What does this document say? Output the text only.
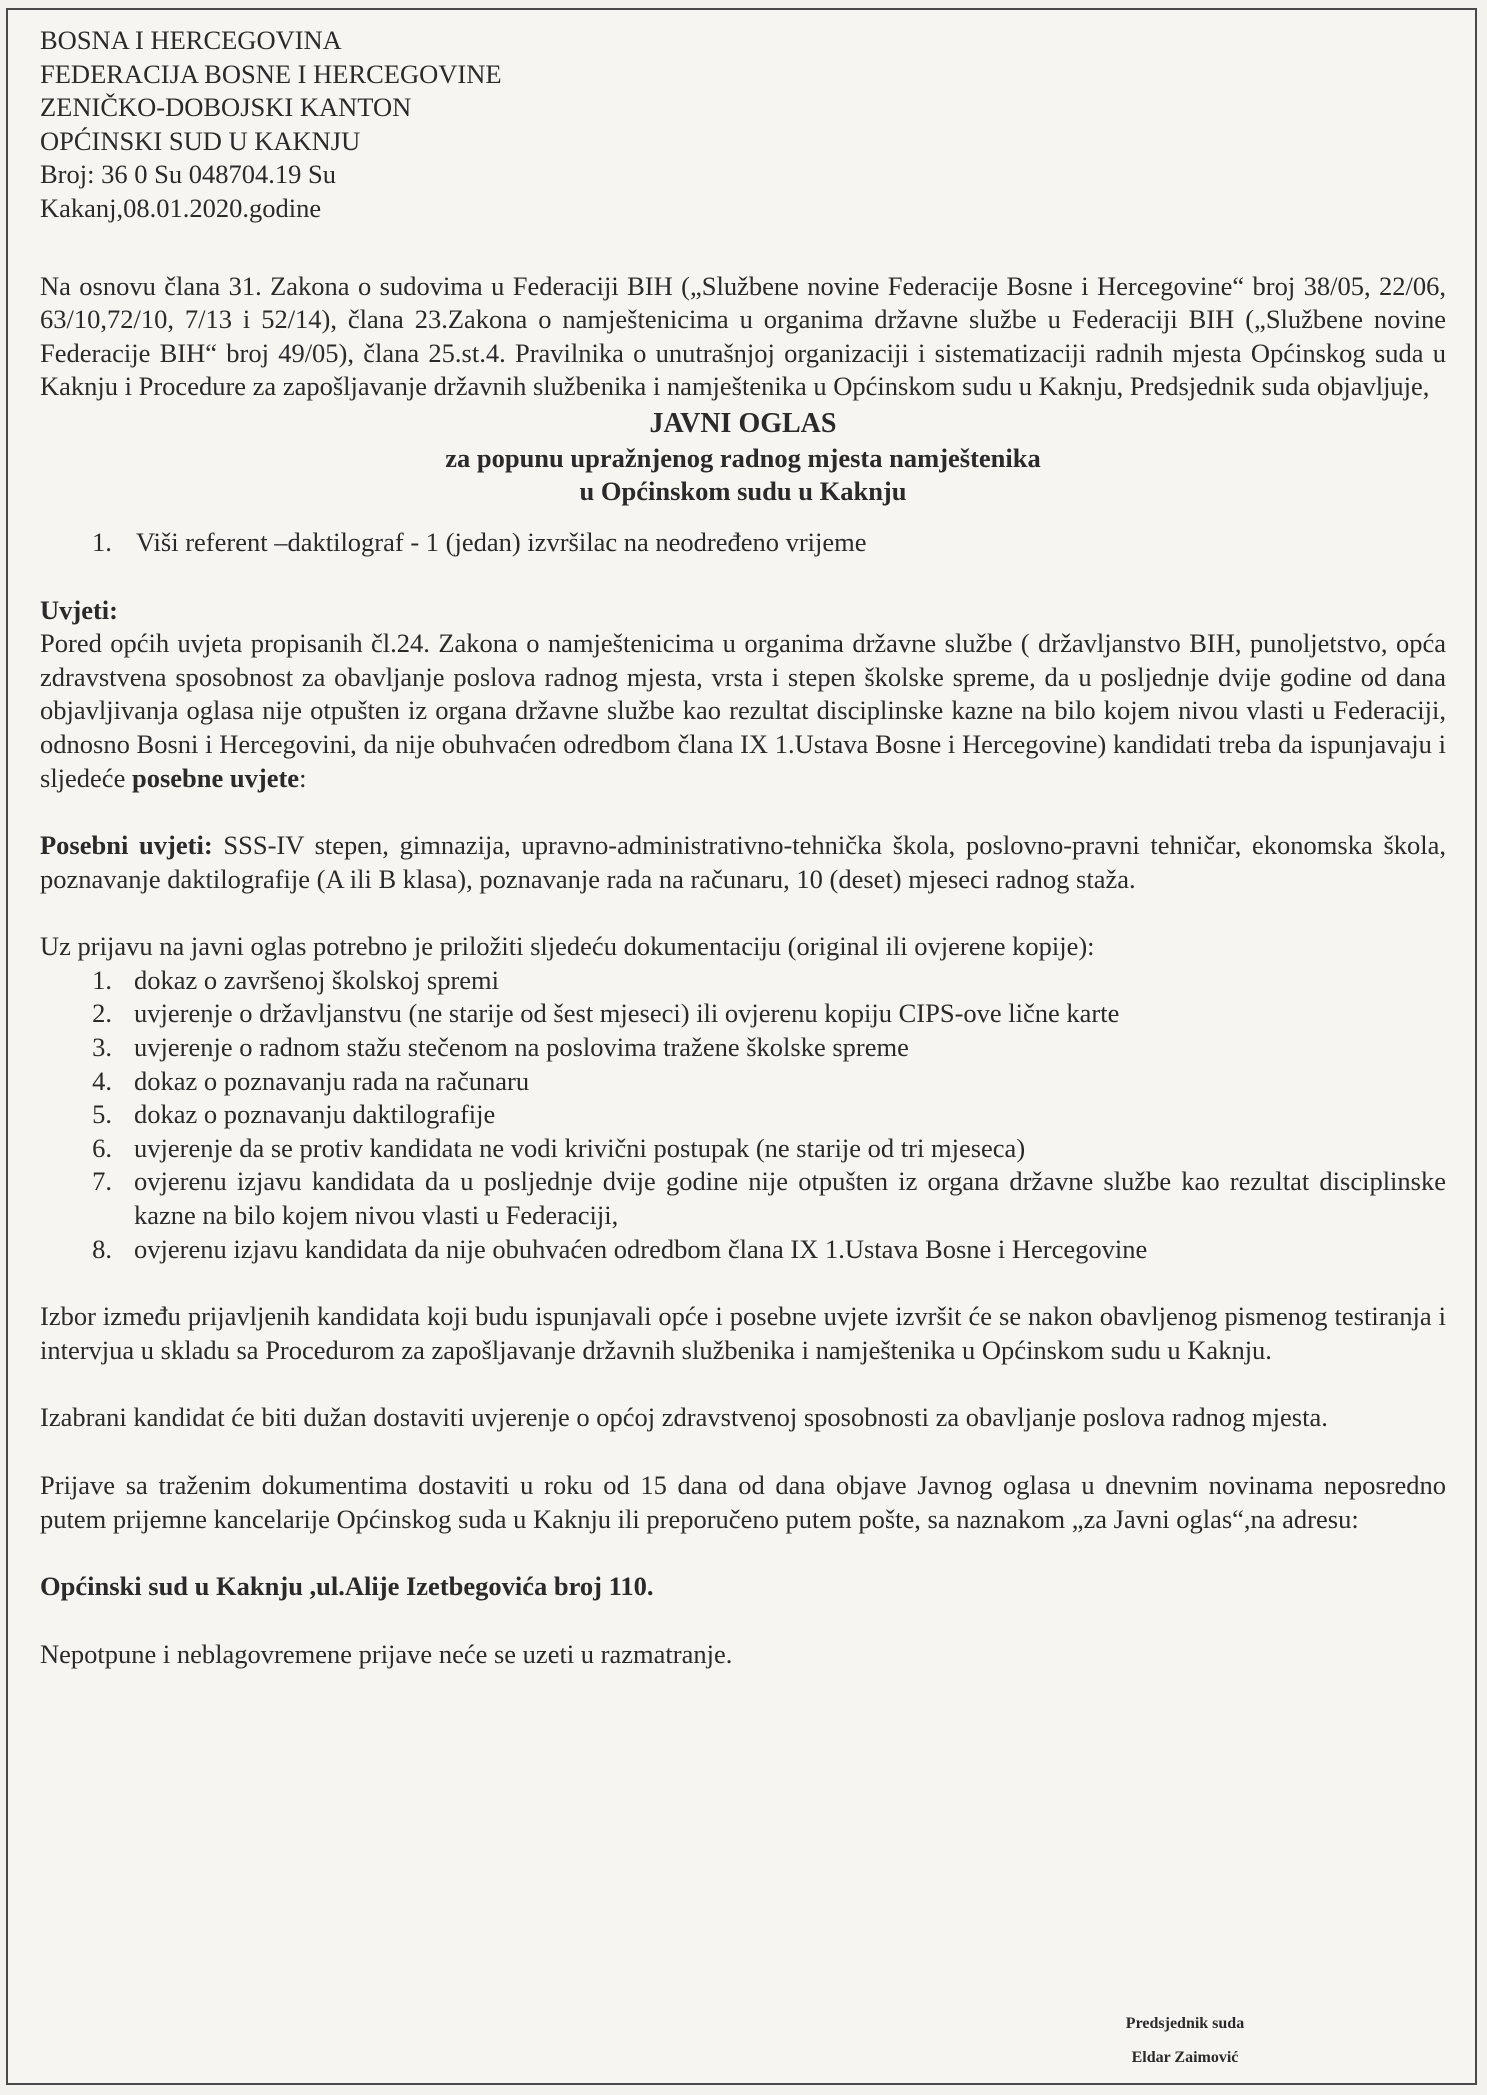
BOSNA I HERCEGOVINA
FEDERACIJA BOSNE I HERCEGOVINE
ZENIČKO-DOBOJSKI KANTON
OPĆINSKI SUD U KAKNJU
Broj: 36 0 Su 048704.19 Su
Kakanj,08.01.2020.godine

Na osnovu člana 31. Zakona o sudovima u Federaciji BIH („Službene novine Federacije Bosne i Hercegovine“ broj 38/05, 22/06, 63/10,72/10, 7/13 i 52/14), člana 23.Zakona o namještenicima u organima državne službe u Federaciji BIH („Službene novine Federacije BIH“ broj 49/05), člana 25.st.4. Pravilnika o unutrašnjoj organizaciji i sistematizaciji radnih mjesta Općinskog suda u Kaknju i Procedure za zapošljavanje državnih službenika i namještenika u Općinskom sudu u Kaknju, Predsjednik suda objavljuje,

JAVNI OGLAS
za popunu upražnjenog radnog mjesta namještenika
u Općinskom sudu u Kaknju
1. Viši referent –daktilograf - 1 (jedan) izvršilac na neodređeno vrijeme
Uvjeti:

Pored općih uvjeta propisanih čl.24. Zakona o namještenicima u organima državne službe ( državljanstvo BIH, punoljetstvo, opća zdravstvena sposobnost za obavljanje poslova radnog mjesta, vrsta i stepen školske spreme, da u posljednje dvije godine od dana objavljivanja oglasa nije otpušten iz organa državne službe kao rezultat disciplinske kazne na bilo kojem nivou vlasti u Federaciji, odnosno Bosni i Hercegovini, da nije obuhvaćen odredbom člana IX 1.Ustava Bosne i Hercegovine) kandidati treba da ispunjavaju i sljedeće posebne uvjete:

Posebni uvjeti: SSS-IV stepen, gimnazija, upravno-administrativno-tehnička škola, poslovno-pravni tehničar, ekonomska škola, poznavanje daktilografije (A ili B klasa), poznavanje rada na računaru, 10 (deset) mjeseci radnog staža.

Uz prijavu na javni oglas potrebno je priložiti sljedeću dokumentaciju (original ili ovjerene kopije):

1. dokaz o završenoj školskoj spremi
2. uvjerenje o državljanstvu (ne starije od šest mjeseci) ili ovjerenu kopiju CIPS-ove lične karte
3. uvjerenje o radnom stažu stečenom na poslovima tražene školske spreme
4. dokaz o poznavanju rada na računaru
5. dokaz o poznavanju daktilografije
6. uvjerenje da se protiv kandidata ne vodi krivični postupak (ne starije od tri mjeseca)
7. ovjerenu izjavu kandidata da u posljednje dvije godine nije otpušten iz organa državne službe kao rezultat disciplinske kazne na bilo kojem nivou vlasti u Federaciji,
8. ovjerenu izjavu kandidata da nije obuhvaćen odredbom člana IX 1.Ustava Bosne i Hercegovine

Izbor između prijavljenih kandidata koji budu ispunjavali opće i posebne uvjete izvršit će se nakon obavljenog pismenog testiranja i intervjua u skladu sa Procedurom za zapošljavanje državnih službenika i namještenika u Općinskom sudu u Kaknju.

Izabrani kandidat će biti dužan dostaviti uvjerenje o općoj zdravstvenoj sposobnosti za obavljanje poslova radnog mjesta.

Prijave sa traženim dokumentima dostaviti u roku od 15 dana od dana objave Javnog oglasa u dnevnim novinama neposredno putem prijemne kancelarije Općinskog suda u Kaknju ili preporučeno putem pošte, sa naznakom „za Javni oglas“,na adresu:

Općinski sud u Kaknju ,ul.Alije Izetbegovića broj 110.

Nepotpune i neblagovremene prijave neće se uzeti u razmatranje.

Predsjednik suda
Eldar Zaimović
